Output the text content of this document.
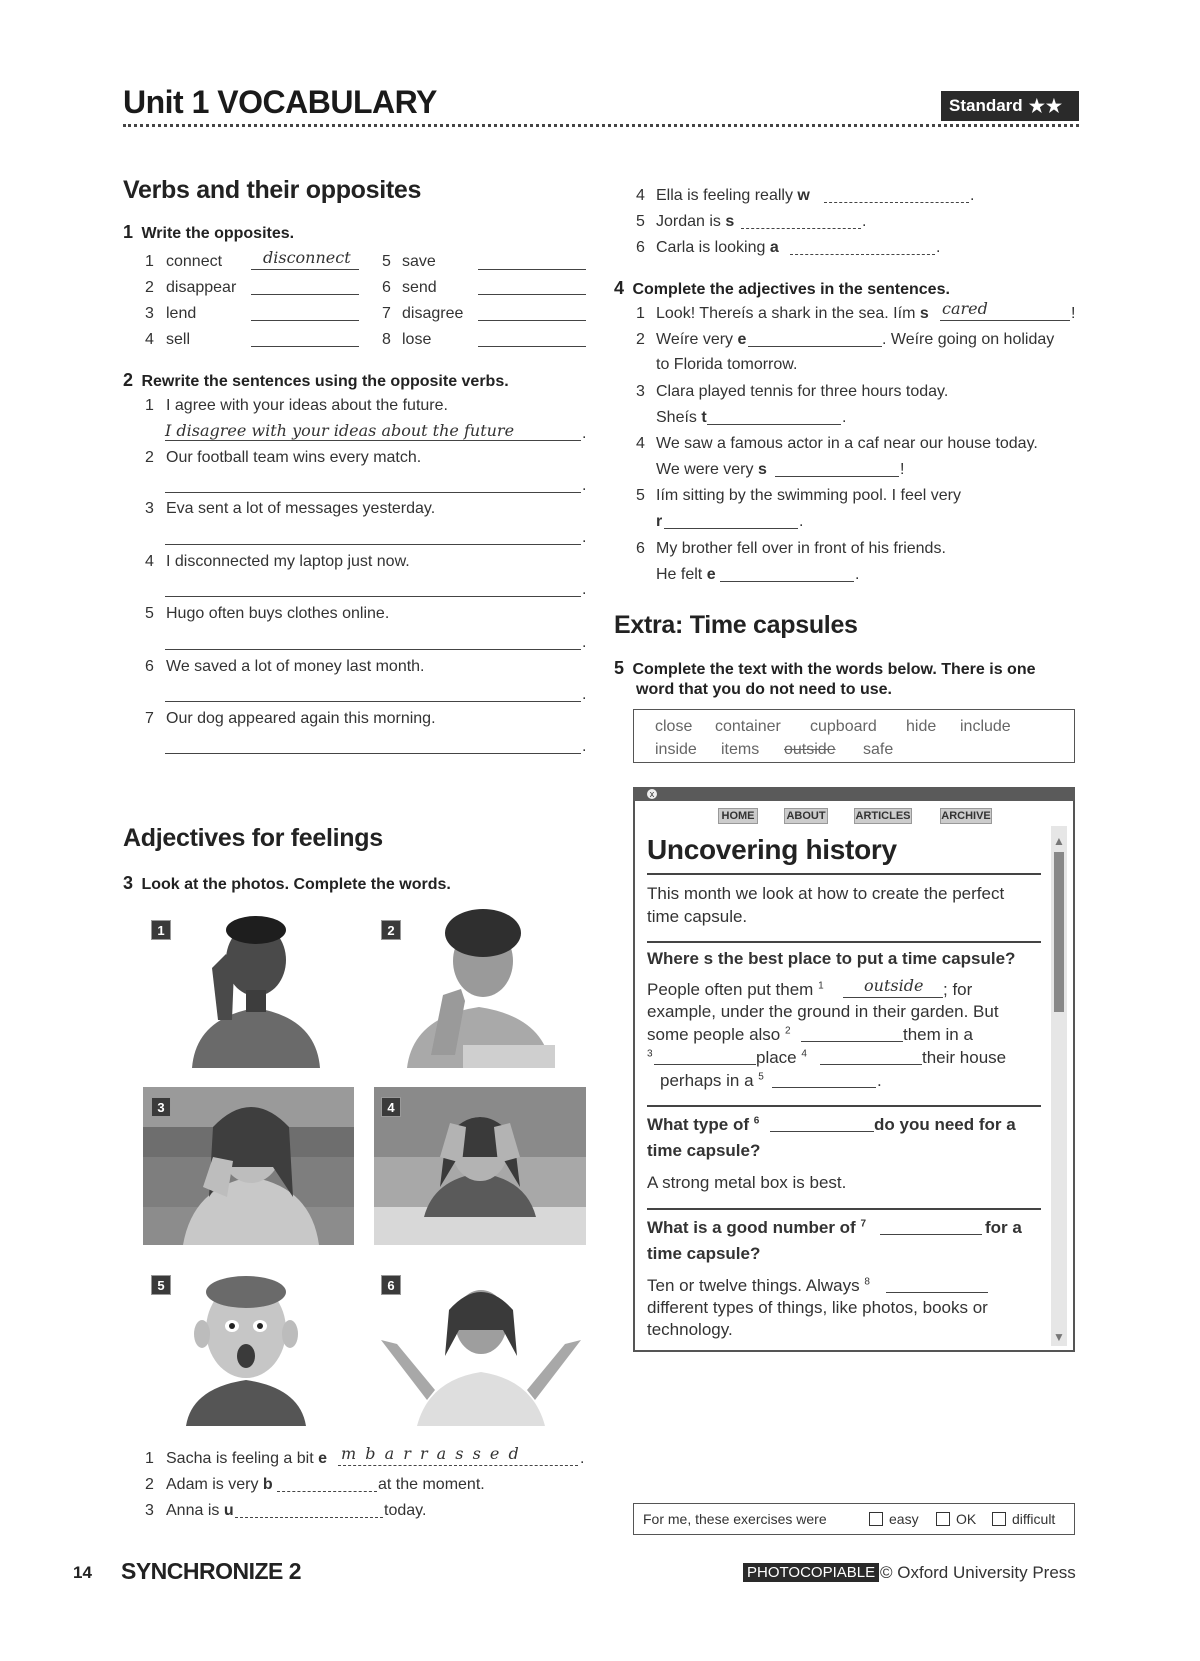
Unit 1 VOCABULARY	Standard ★★
Verbs and their opposites
1 Write the opposites.
1 connect	disconnect
2 disappear
3 lend
4 sell
5 save
6 send
7 disagree
8 lose
2 Rewrite the sentences using the opposite verbs.
1 I agree with your ideas about the future.
I disagree with your ideas about the future	.
2 Our football team wins every match.
.
3 Eva sent a lot of messages yesterday.
.
4 I disconnected my laptop just now.
.
5 Hugo often buys clothes online.
.
6 We saved a lot of money last month.
.
7 Our dog appeared again this morning.
.
Adjectives for feelings
3 Look at the photos. Complete the words.
1	2
3	4
5	6
1 Sacha is feeling a bit e m b a r r a s s e d	.
2 Adam is very b	at the moment.
3 Anna is u	today.
4 Ella is feeling really w	.
5 Jordan is s	.
6 Carla is looking a	.
4 Complete the adjectives in the sentences.
1 Look! Thereís a shark in the sea. Iím s cared	!
2 Weíre very e	. Weíre going on holiday
to Florida tomorrow.
3 Clara played tennis for three hours today.
Sheís t	.
4 We saw a famous actor in a caf near our house today.
We were very s	!
5 Iím sitting by the swimming pool. I feel very
r	.
6 My brother fell over in front of his friends.
He felt e	.
Extra: Time capsules
5 Complete the text with the words below. There is one
word that you do not need to use.
close container cupboard hide include
inside items outside safe
x
HOME	ABOUT	ARTICLES	ARCHIVE
▲
▼
Uncovering history
This month we look at how to create the perfect
time capsule.
Where s the best place to put a time capsule?
People often put them $^1$	outside ; for
example, under the ground in their garden. But
some people also $^2$	them in a
$^3$	place $^4$	their house
perhaps in a $^5$	.
What type of $^6$	do you need for a
time capsule?
A strong metal box is best.
What is a good number of $^7$	for a
time capsule?
Ten or twelve things. Always $^8$
different types of things, like photos, books or
technology.
For me, these exercises were	easy	OK	difficult
14 SYNCHRONIZE 2	PHOTOCOPIABLE © Oxford University Press
